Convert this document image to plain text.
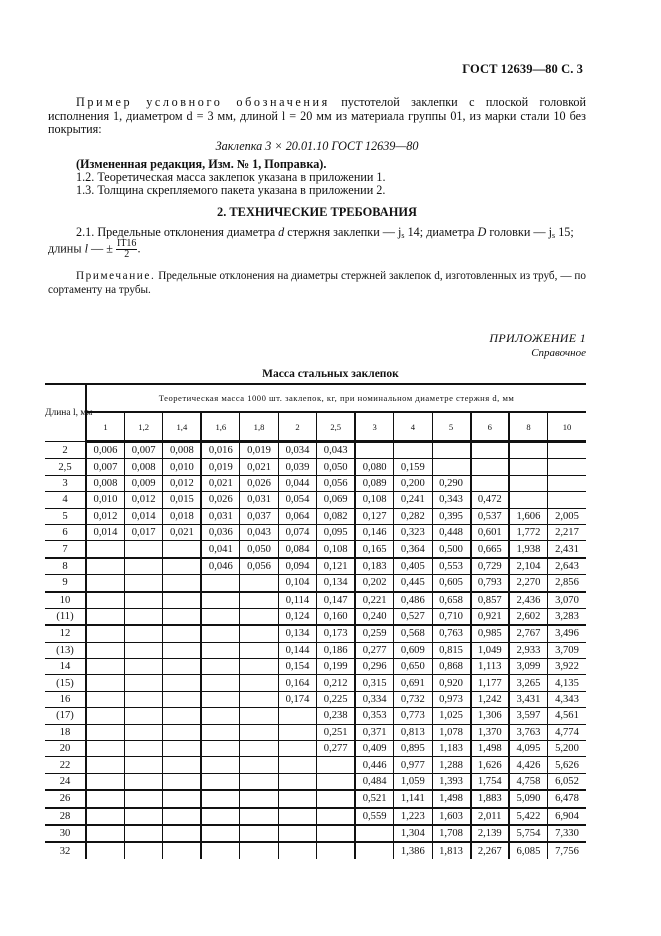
ГОСТ 12639—80 С. 3
Пример условного обозначения пустотелой заклепки с плоской головкой исполнения 1, диаметром d = 3 мм, длиной l = 20 мм из материала группы 01, из марки стали 10 без покрытия:
Заклепка 3 × 20.01.10 ГОСТ 12639—80
(Измененная редакция, Изм. № 1, Поправка).
1.2. Теоретическая масса заклепок указана в приложении 1.
1.3. Толщина скрепляемого пакета указана в приложении 2.
2. ТЕХНИЧЕСКИЕ ТРЕБОВАНИЯ
2.1. Предельные отклонения диаметра d стержня заклепки — $j_s$ 14; диаметра D головки — $j_s$ 15;
длины l — ± $\frac{IT16}{2}$ .
Примечание. Предельные отклонения на диаметры стержней заклепок d, изготовленных из труб, — по сортаменту на трубы.
ПРИЛОЖЕНИЕ 1
Справочное
Масса стальных заклепок
Длина l, мм	Теоретическая масса 1000 шт. заклепок, кг, при номинальном диаметре стержня d, мм												
	1	1,2	1,4	1,6	1,8	2	2,5	3	4	5	6	8	10
2	0,006	0,007	0,008	0,016	0,019	0,034	0,043						
2,5	0,007	0,008	0,010	0,019	0,021	0,039	0,050	0,080	0,159				
3	0,008	0,009	0,012	0,021	0,026	0,044	0,056	0,089	0,200	0,290			
4	0,010	0,012	0,015	0,026	0,031	0,054	0,069	0,108	0,241	0,343	0,472		
5	0,012	0,014	0,018	0,031	0,037	0,064	0,082	0,127	0,282	0,395	0,537	1,606	2,005
6	0,014	0,017	0,021	0,036	0,043	0,074	0,095	0,146	0,323	0,448	0,601	1,772	2,217
7				0,041	0,050	0,084	0,108	0,165	0,364	0,500	0,665	1,938	2,431
8				0,046	0,056	0,094	0,121	0,183	0,405	0,553	0,729	2,104	2,643
9						0,104	0,134	0,202	0,445	0,605	0,793	2,270	2,856
10						0,114	0,147	0,221	0,486	0,658	0,857	2,436	3,070
(11)						0,124	0,160	0,240	0,527	0,710	0,921	2,602	3,283
12						0,134	0,173	0,259	0,568	0,763	0,985	2,767	3,496
(13)						0,144	0,186	0,277	0,609	0,815	1,049	2,933	3,709
14						0,154	0,199	0,296	0,650	0,868	1,113	3,099	3,922
(15)						0,164	0,212	0,315	0,691	0,920	1,177	3,265	4,135
16						0,174	0,225	0,334	0,732	0,973	1,242	3,431	4,343
(17)							0,238	0,353	0,773	1,025	1,306	3,597	4,561
18							0,251	0,371	0,813	1,078	1,370	3,763	4,774
20							0,277	0,409	0,895	1,183	1,498	4,095	5,200
22								0,446	0,977	1,288	1,626	4,426	5,626
24								0,484	1,059	1,393	1,754	4,758	6,052
26								0,521	1,141	1,498	1,883	5,090	6,478
28								0,559	1,223	1,603	2,011	5,422	6,904
30									1,304	1,708	2,139	5,754	7,330
32									1,386	1,813	2,267	6,085	7,756
